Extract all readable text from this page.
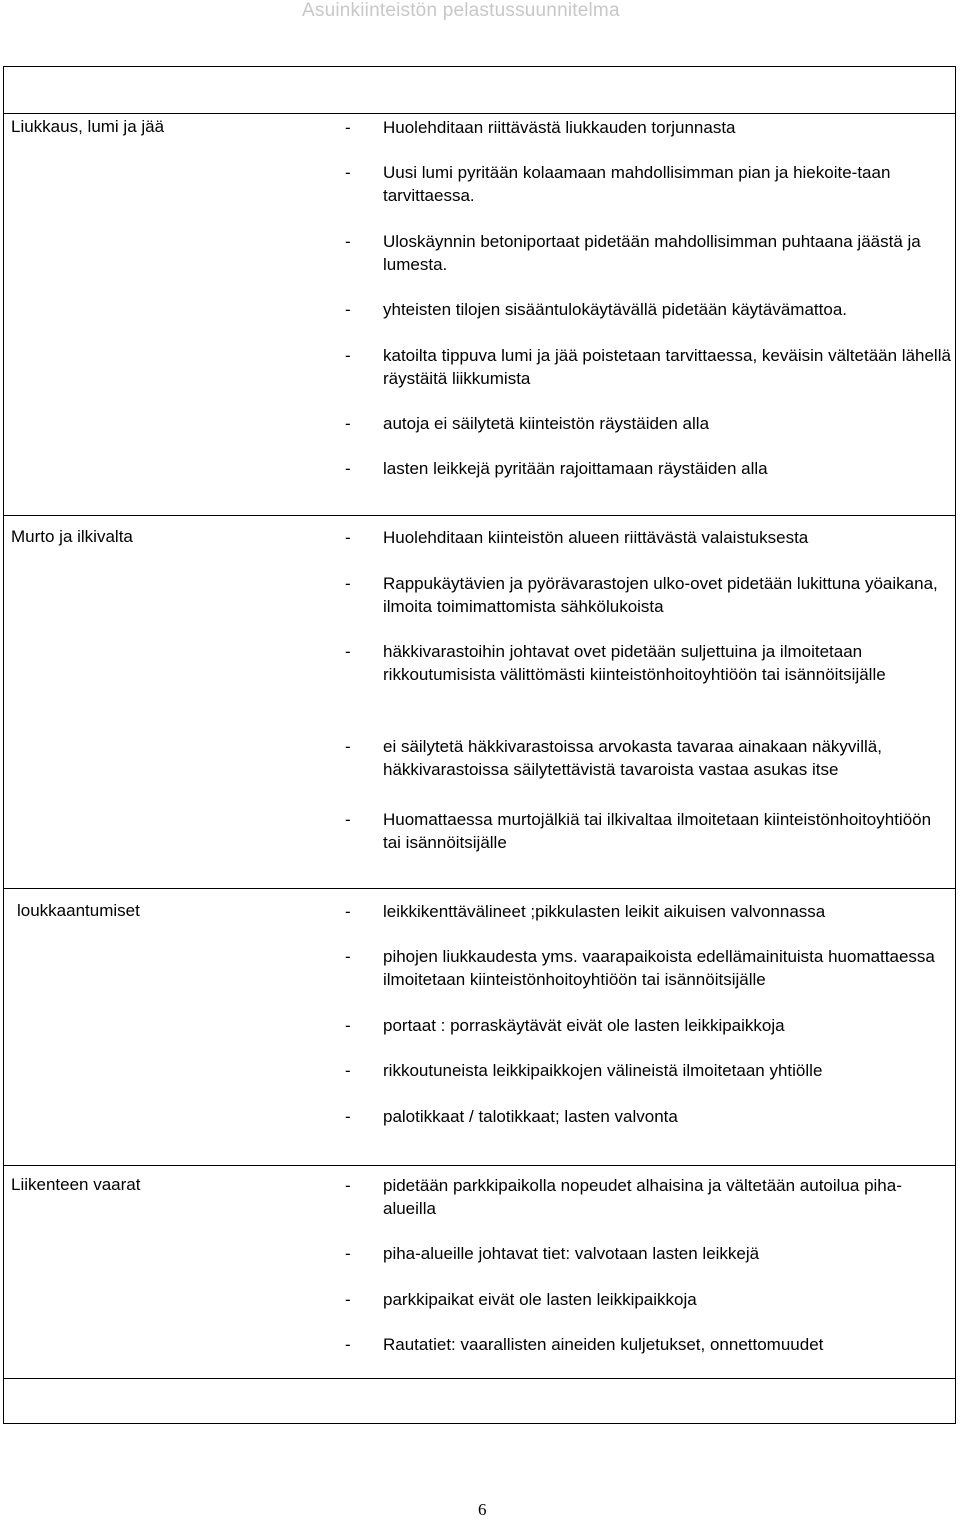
Asuinkiinteistön pelastussuunnitelma
Liukkaus, lumi ja jää	-	Huolehditaan riittävästä liukkauden torjunnasta
-	Uusi lumi pyritään kolaamaan mahdollisimman pian ja hiekoite-taan tarvittaessa.
-	Uloskäynnin betoniportaat pidetään mahdollisimman puhtaana jäästä ja lumesta.
-	yhteisten tilojen sisääntulokäytävällä pidetään käytävämattoa.
-	katoilta tippuva lumi ja jää poistetaan tarvittaessa, keväisin vältetään lähellä räystäitä liikkumista
-	autoja ei säilytetä kiinteistön räystäiden alla
-	lasten leikkejä pyritään rajoittamaan räystäiden alla
Murto ja ilkivalta	-	Huolehditaan kiinteistön alueen riittävästä valaistuksesta
-	Rappukäytävien ja pyörävarastojen ulko-ovet pidetään lukittuna yöaikana, ilmoita toimimattomista sähkölukoista
-	häkkivarastoihin johtavat ovet pidetään suljettuina ja ilmoitetaan rikkoutumisista välittömästi kiinteistönhoitoyhtiöön tai isännöitsijälle
-	ei säilytetä häkkivarastoissa arvokasta tavaraa ainakaan näkyvillä, häkkivarastoissa säilytettävistä tavaroista vastaa asukas itse
-	Huomattaessa murtojälkiä tai ilkivaltaa ilmoitetaan kiinteistönhoitoyhtiöön tai isännöitsijälle
loukkaantumiset	-	leikkikenttävälineet ;pikkulasten leikit aikuisen valvonnassa
-	pihojen liukkaudesta yms. vaarapaikoista edellämainituista huomattaessa ilmoitetaan kiinteistönhoitoyhtiöön tai isännöitsijälle
-	portaat : porraskäytävät eivät ole lasten leikkipaikkoja
-	rikkoutuneista leikkipaikkojen välineistä ilmoitetaan yhtiölle
-	palotikkaat / talotikkaat; lasten valvonta
Liikenteen vaarat	-	pidetään parkkipaikolla nopeudet alhaisina ja vältetään autoilua piha-alueilla
-	piha-alueille johtavat tiet: valvotaan lasten leikkejä
-	parkkipaikat eivät ole lasten leikkipaikkoja
-	Rautatiet: vaarallisten aineiden kuljetukset, onnettomuudet
6
